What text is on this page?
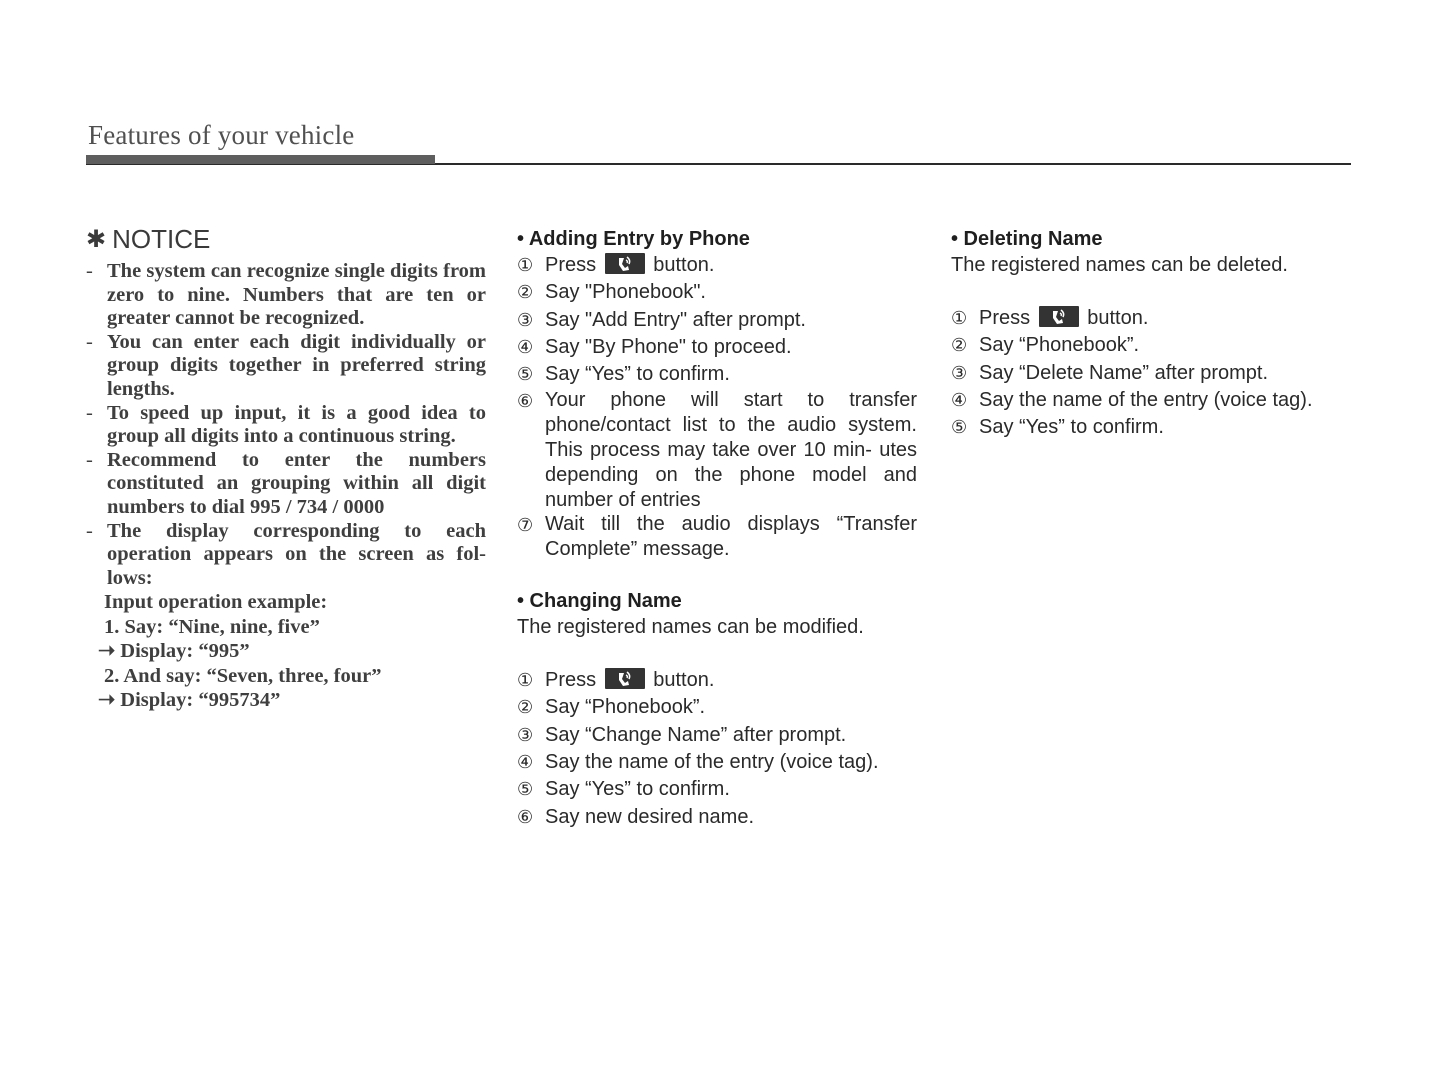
Features of your vehicle
✱ NOTICE
- The system can recognize single digits from zero to nine. Numbers that are ten or greater cannot be recognized.
- You can enter each digit individually or group digits together in preferred string lengths.
- To speed up input, it is a good idea to group all digits into a continuous string.
- Recommend to enter the numbers constituted an grouping within all digit numbers to dial 995 / 734 / 0000
- The display corresponding to each operation appears on the screen as fol- lows:
Input operation example:
1. Say: “Nine, nine, five”
➝ Display: “995”
2. And say: “Seven, three, four”
➝ Display: “995734”
• Adding Entry by Phone
① Press	button.
② Say "Phonebook".
③ Say "Add Entry" after prompt.
④ Say "By Phone" to proceed.
⑤ Say “Yes” to confirm.
⑥ Your phone will start to transfer phone/contact list to the audio system. This process may take over 10 min- utes depending on the phone model and number of entries
⑦ Wait till the audio displays “Transfer Complete” message.
• Changing Name
The registered names can be modified.
① Press	button.
② Say “Phonebook”.
③ Say “Change Name” after prompt.
④ Say the name of the entry (voice tag).
⑤ Say “Yes” to confirm.
⑥ Say new desired name.
• Deleting Name
The registered names can be deleted.
① Press	button.
② Say “Phonebook”.
③ Say “Delete Name” after prompt.
④ Say the name of the entry (voice tag).
⑤ Say “Yes” to confirm.
